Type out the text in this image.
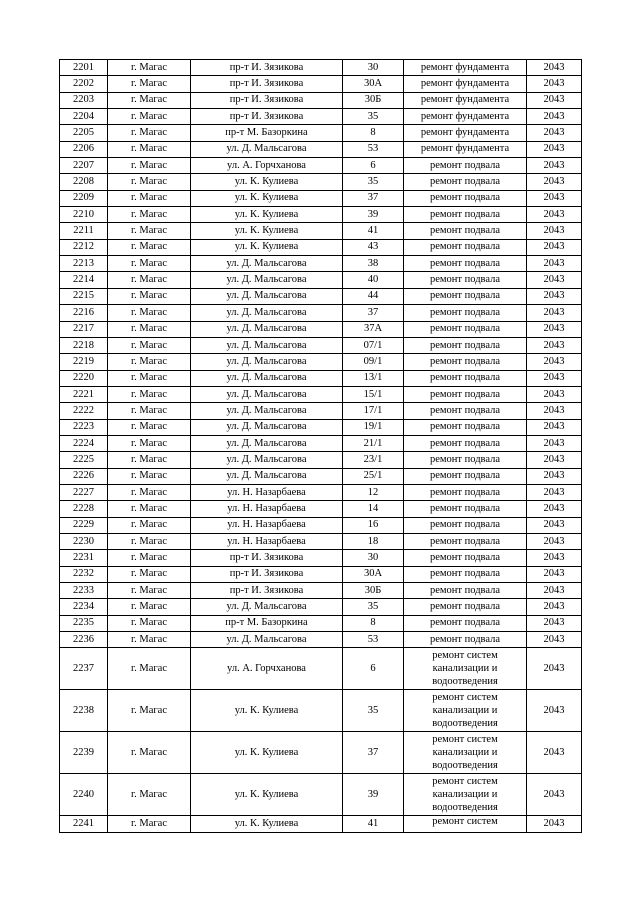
2201	г. Магас	пр-т И. Зязикова	30	ремонт фундамента	2043
2202	г. Магас	пр-т И. Зязикова	30А	ремонт фундамента	2043
2203	г. Магас	пр-т И. Зязикова	30Б	ремонт фундамента	2043
2204	г. Магас	пр-т И. Зязикова	35	ремонт фундамента	2043
2205	г. Магас	пр-т М. Базоркина	8	ремонт фундамента	2043
2206	г. Магас	ул. Д. Мальсагова	53	ремонт фундамента	2043
2207	г. Магас	ул. А. Горчханова	6	ремонт подвала	2043
2208	г. Магас	ул. К. Кулиева	35	ремонт подвала	2043
2209	г. Магас	ул. К. Кулиева	37	ремонт подвала	2043
2210	г. Магас	ул. К. Кулиева	39	ремонт подвала	2043
2211	г. Магас	ул. К. Кулиева	41	ремонт подвала	2043
2212	г. Магас	ул. К. Кулиева	43	ремонт подвала	2043
2213	г. Магас	ул. Д. Мальсагова	38	ремонт подвала	2043
2214	г. Магас	ул. Д. Мальсагова	40	ремонт подвала	2043
2215	г. Магас	ул. Д. Мальсагова	44	ремонт подвала	2043
2216	г. Магас	ул. Д. Мальсагова	37	ремонт подвала	2043
2217	г. Магас	ул. Д. Мальсагова	37А	ремонт подвала	2043
2218	г. Магас	ул. Д. Мальсагова	07/1	ремонт подвала	2043
2219	г. Магас	ул. Д. Мальсагова	09/1	ремонт подвала	2043
2220	г. Магас	ул. Д. Мальсагова	13/1	ремонт подвала	2043
2221	г. Магас	ул. Д. Мальсагова	15/1	ремонт подвала	2043
2222	г. Магас	ул. Д. Мальсагова	17/1	ремонт подвала	2043
2223	г. Магас	ул. Д. Мальсагова	19/1	ремонт подвала	2043
2224	г. Магас	ул. Д. Мальсагова	21/1	ремонт подвала	2043
2225	г. Магас	ул. Д. Мальсагова	23/1	ремонт подвала	2043
2226	г. Магас	ул. Д. Мальсагова	25/1	ремонт подвала	2043
2227	г. Магас	ул. Н. Назарбаева	12	ремонт подвала	2043
2228	г. Магас	ул. Н. Назарбаева	14	ремонт подвала	2043
2229	г. Магас	ул. Н. Назарбаева	16	ремонт подвала	2043
2230	г. Магас	ул. Н. Назарбаева	18	ремонт подвала	2043
2231	г. Магас	пр-т И. Зязикова	30	ремонт подвала	2043
2232	г. Магас	пр-т И. Зязикова	30А	ремонт подвала	2043
2233	г. Магас	пр-т И. Зязикова	30Б	ремонт подвала	2043
2234	г. Магас	ул. Д. Мальсагова	35	ремонт подвала	2043
2235	г. Магас	пр-т М. Базоркина	8	ремонт подвала	2043
2236	г. Магас	ул. Д. Мальсагова	53	ремонт подвала	2043
2237	г. Магас	ул. А. Горчханова	6	ремонт систем канализации и водоотведения	2043
2238	г. Магас	ул. К. Кулиева	35	ремонт систем канализации и водоотведения	2043
2239	г. Магас	ул. К. Кулиева	37	ремонт систем канализации и водоотведения	2043
2240	г. Магас	ул. К. Кулиева	39	ремонт систем канализации и водоотведения	2043
2241	г. Магас	ул. К. Кулиева	41	ремонт систем	2043
